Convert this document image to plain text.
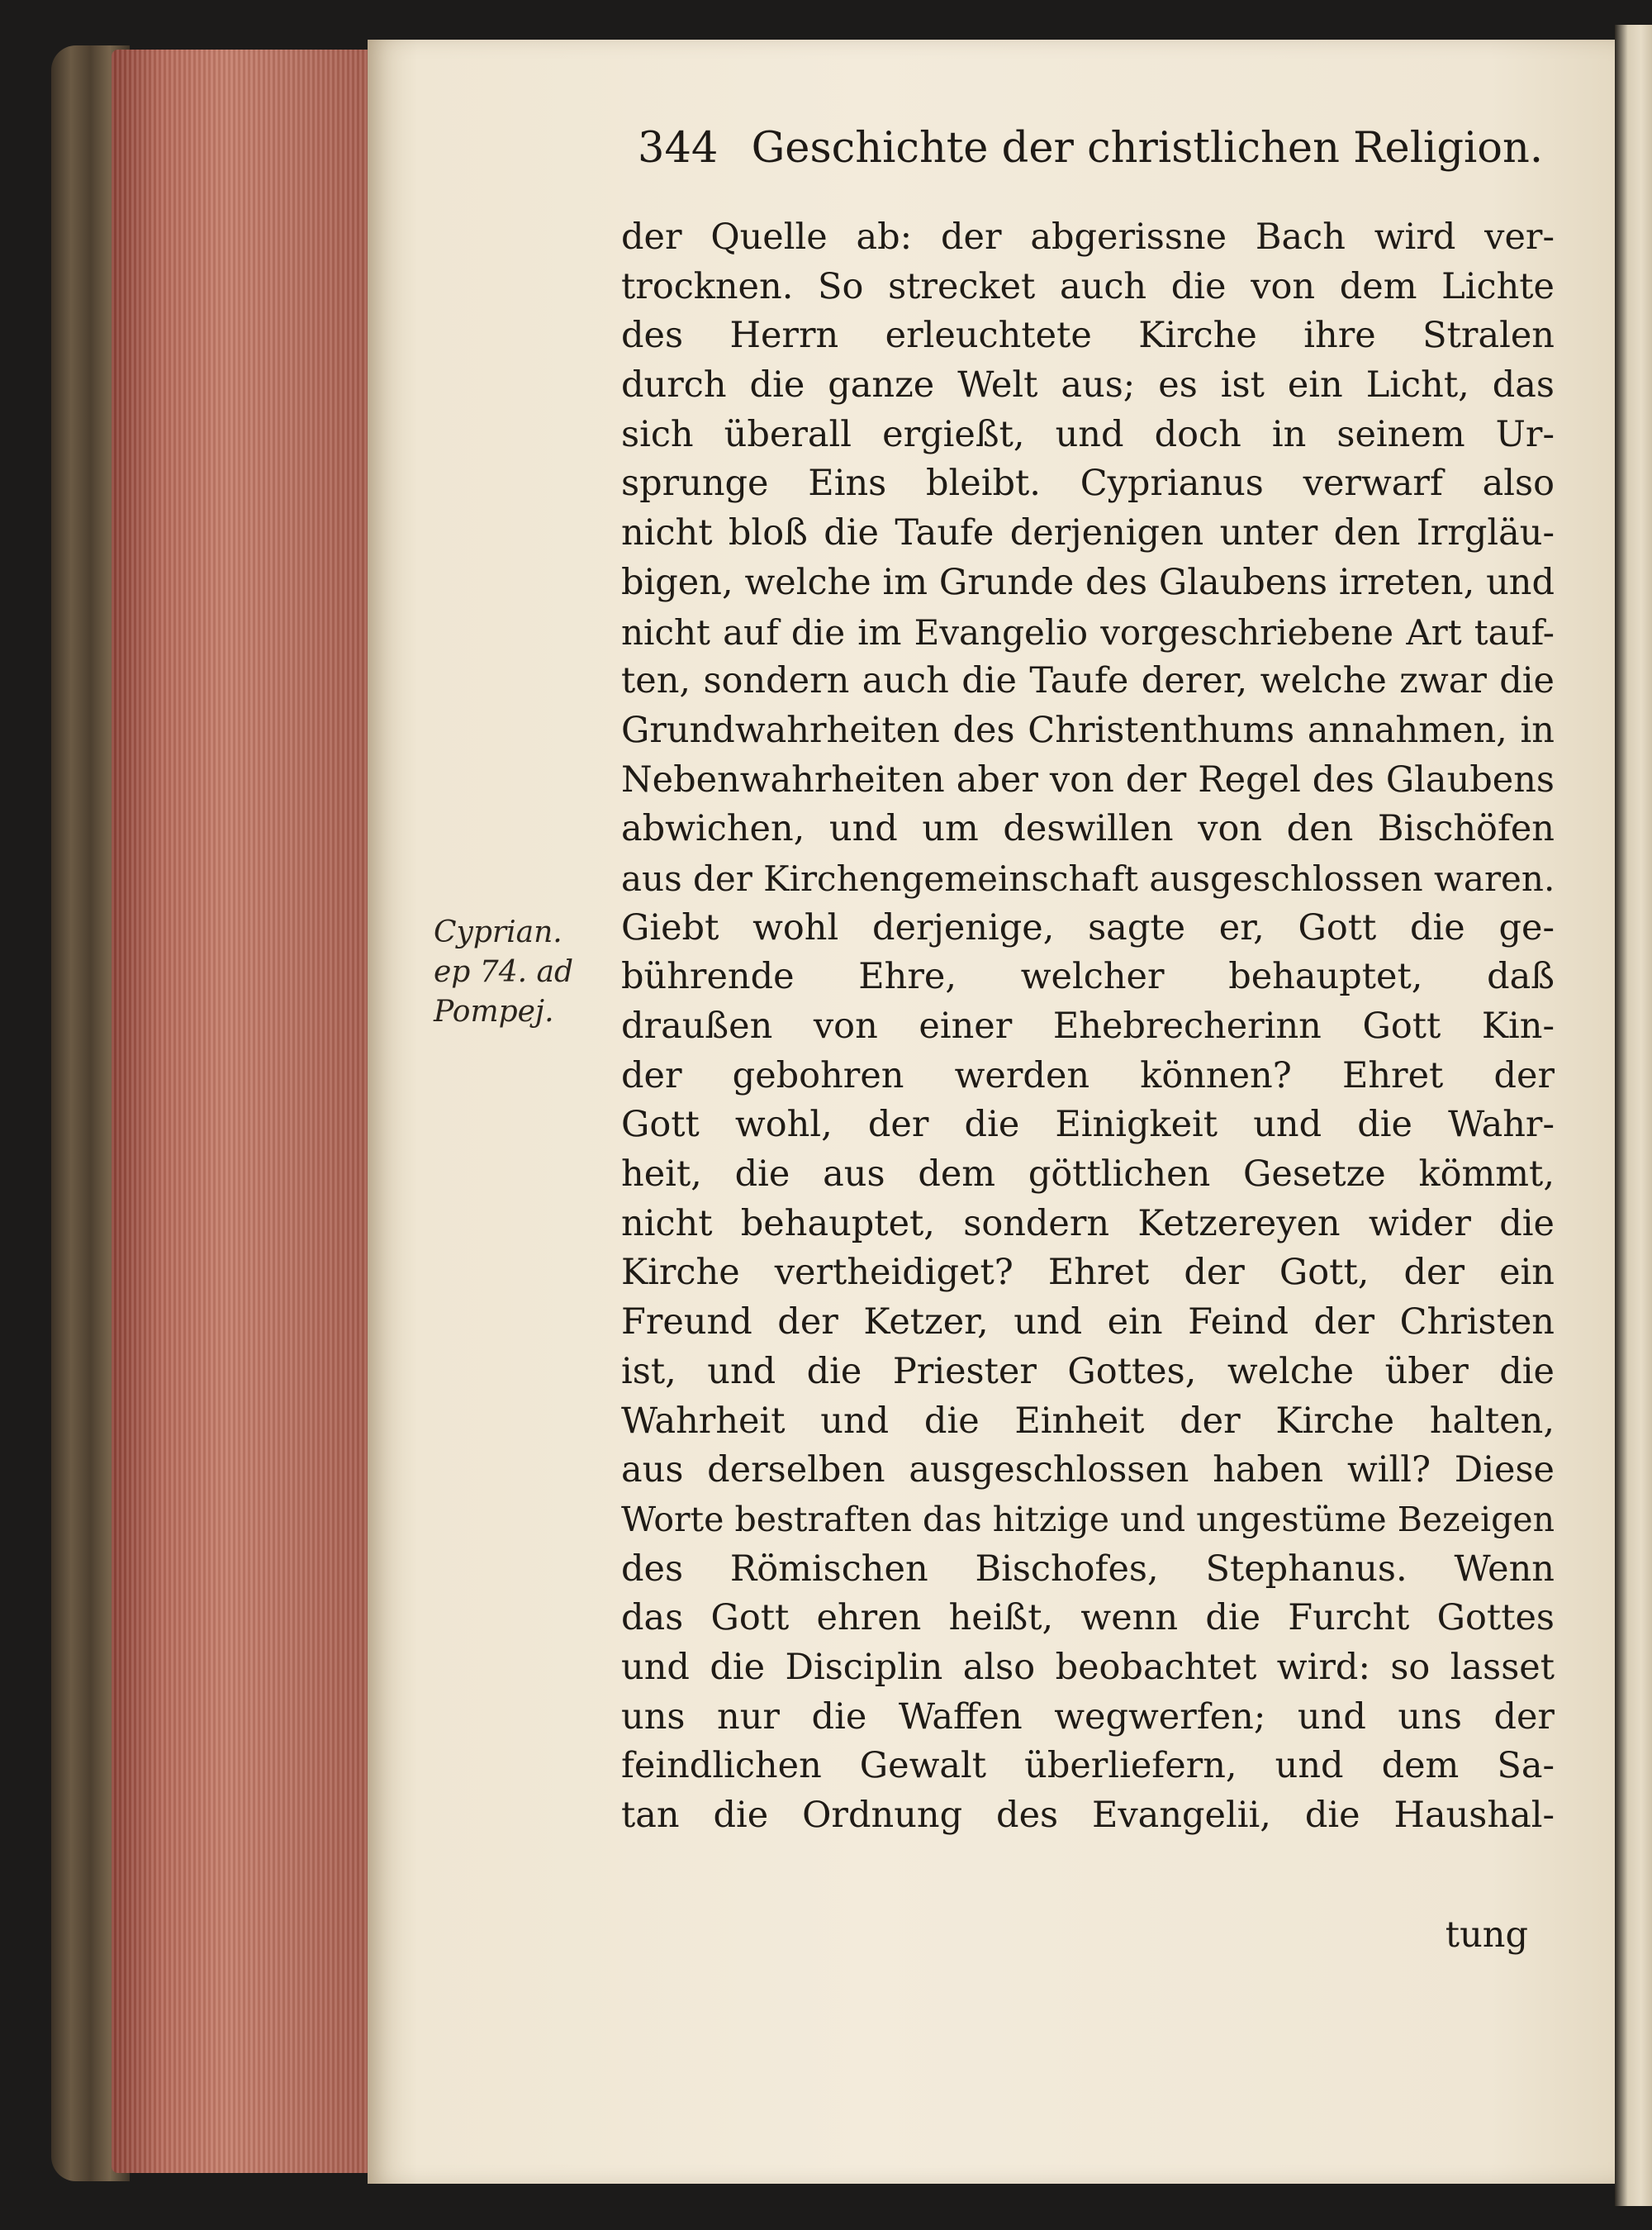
344 Geschichte der christlichen Religion.
Cyprian.
ep 74. ad
Pompej.
der Quelle ab: der abgerissne Bach wird ver-
trocknen. So strecket auch die von dem Lichte
des Herrn erleuchtete Kirche ihre Stralen
durch die ganze Welt aus; es ist ein Licht, das
sich überall ergießt, und doch in seinem Ur-
sprunge Eins bleibt. Cyprianus verwarf also
nicht bloß die Taufe derjenigen unter den Irrgläu-
bigen, welche im Grunde des Glaubens irreten, und
nicht auf die im Evangelio vorgeschriebene Art tauf-
ten, sondern auch die Taufe derer, welche zwar die
Grundwahrheiten des Christenthums annahmen, in
Nebenwahrheiten aber von der Regel des Glaubens
abwichen, und um deswillen von den Bischöfen
aus der Kirchengemeinschaft ausgeschlossen waren.
Giebt wohl derjenige, sagte er, Gott die ge-
bührende Ehre, welcher behauptet, daß
draußen von einer Ehebrecherinn Gott Kin-
der gebohren werden können? Ehret der
Gott wohl, der die Einigkeit und die Wahr-
heit, die aus dem göttlichen Gesetze kömmt,
nicht behauptet, sondern Ketzereyen wider die
Kirche vertheidiget? Ehret der Gott, der ein
Freund der Ketzer, und ein Feind der Christen
ist, und die Priester Gottes, welche über die
Wahrheit und die Einheit der Kirche halten,
aus derselben ausgeschlossen haben will? Diese
Worte bestraften das hitzige und ungestüme Bezeigen
des Römischen Bischofes, Stephanus. Wenn
das Gott ehren heißt, wenn die Furcht Gottes
und die Disciplin also beobachtet wird: so lasset
uns nur die Waffen wegwerfen; und uns der
feindlichen Gewalt überliefern, und dem Sa-
tan die Ordnung des Evangelii, die Haushal-
tung
